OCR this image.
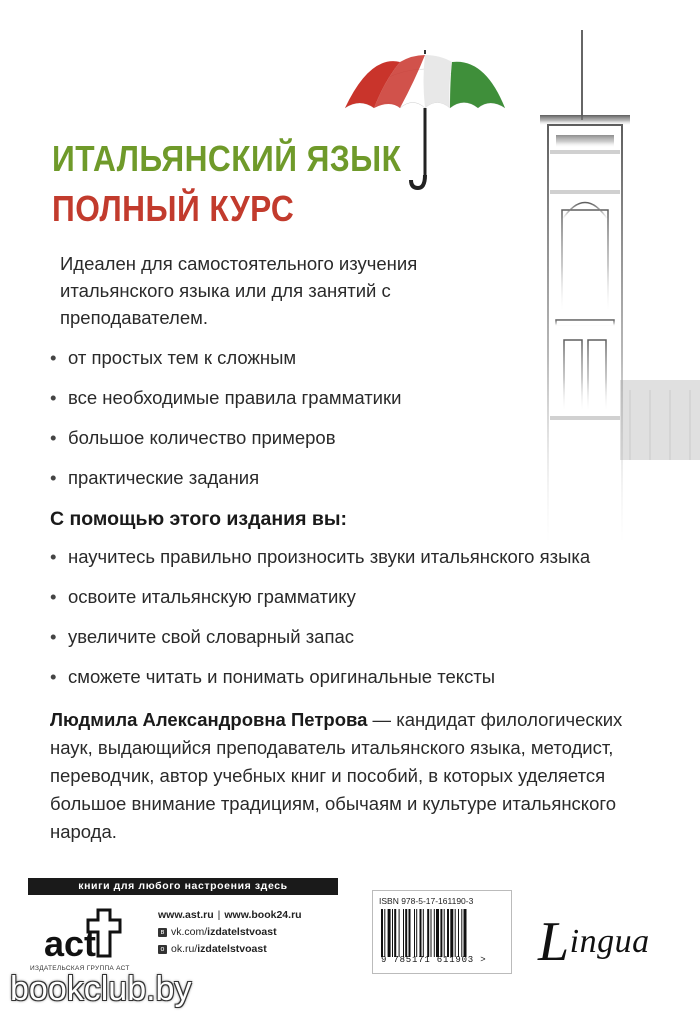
ИТАЛЬЯНСКИЙ ЯЗЫК
ПОЛНЫЙ КУРС
Идеален для самостоятельного изучения итальянского языка или для занятий с преподавателем.
• от простых тем к сложным
• все необходимые правила грамматики
• большое количество примеров
• практические задания
С помощью этого издания вы:
• научитесь правильно произносить звуки итальянского языка
• освоите итальянскую грамматику
• увеличите свой словарный запас
• сможете читать и понимать оригинальные тексты
Людмила Александровна Петрова — кандидат филологических наук, выдающийся преподаватель итальянского языка, методист, переводчик, автор учебных книг и пособий, в которых уделяется большое внимание традициям, обычаям и культуре итальянского народа.
книги для любого настроения здесь
act
ИЗДАТЕЛЬСКАЯ ГРУППА АСТ
www.ast.ru | www.book24.ru
в vk.com/ izdatelstvoast
o ok.ru/ izdatelstvoast
ISBN 978-5-17-161190-3
9 785171 611903 > Lingua
bookclub.by
